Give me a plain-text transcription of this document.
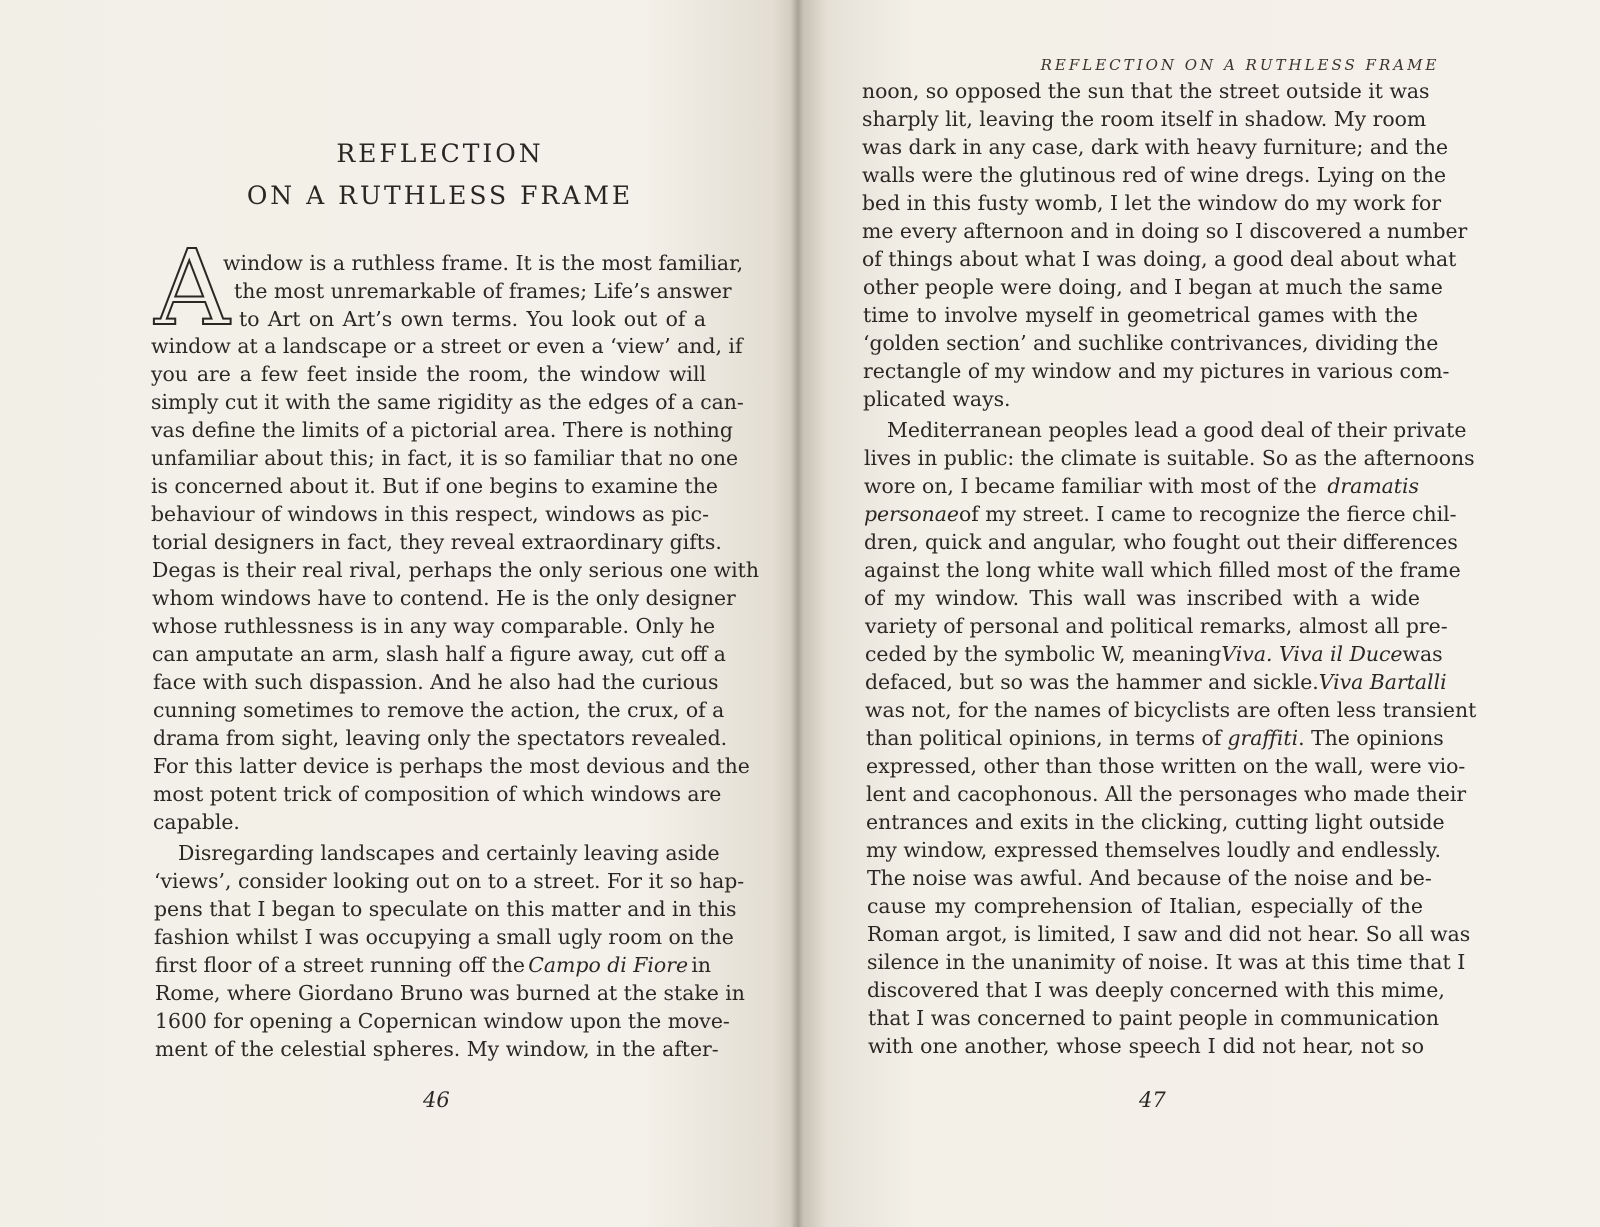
REFLECTION
ON A RUTHLESS FRAME
A
window is a ruthless frame. It is the most familiar,
the most unremarkable of frames; Life’s answer
to Art on Art’s own terms. You look out of a
window at a landscape or a street or even a ‘view’ and, if
you are a few feet inside the room, the window will
simply cut it with the same rigidity as the edges of a can-
vas define the limits of a pictorial area. There is nothing
unfamiliar about this; in fact, it is so familiar that no one
is concerned about it. But if one begins to examine the
behaviour of windows in this respect, windows as pic-
torial designers in fact, they reveal extraordinary gifts.
Degas is their real rival, perhaps the only serious one with
whom windows have to contend. He is the only designer
whose ruthlessness is in any way comparable. Only he
can amputate an arm, slash half a figure away, cut off a
face with such dispassion. And he also had the curious
cunning sometimes to remove the action, the crux, of a
drama from sight, leaving only the spectators revealed.
For this latter device is perhaps the most devious and the
most potent trick of composition of which windows are
capable.
Disregarding landscapes and certainly leaving aside
‘views’, consider looking out on to a street. For it so hap-
pens that I began to speculate on this matter and in this
fashion whilst I was occupying a small ugly room on the
first floor of a street running off the Campo di Fiore in
Rome, where Giordano Bruno was burned at the stake in
1600 for opening a Copernican window upon the move-
ment of the celestial spheres. My window, in the after-
46
REFLECTION ON A RUTHLESS FRAME
noon, so opposed the sun that the street outside it was
sharply lit, leaving the room itself in shadow. My room
was dark in any case, dark with heavy furniture; and the
walls were the glutinous red of wine dregs. Lying on the
bed in this fusty womb, I let the window do my work for
me every afternoon and in doing so I discovered a number
of things about what I was doing, a good deal about what
other people were doing, and I began at much the same
time to involve myself in geometrical games with the
‘golden section’ and suchlike contrivances, dividing the
rectangle of my window and my pictures in various com-
plicated ways.
Mediterranean peoples lead a good deal of their private
lives in public: the climate is suitable. So as the afternoons
wore on, I became familiar with most of the dramatis
personae of my street. I came to recognize the fierce chil-
dren, quick and angular, who fought out their differences
against the long white wall which filled most of the frame
of my window. This wall was inscribed with a wide
variety of personal and political remarks, almost all pre-
ceded by the symbolic W, meaning Viva. Viva il Duce was
defaced, but so was the hammer and sickle. Viva Bartalli
was not, for the names of bicyclists are often less transient
than political opinions, in terms of graffiti . The opinions
expressed, other than those written on the wall, were vio-
lent and cacophonous. All the personages who made their
entrances and exits in the clicking, cutting light outside
my window, expressed themselves loudly and endlessly.
The noise was awful. And because of the noise and be-
cause my comprehension of Italian, especially of the
Roman argot, is limited, I saw and did not hear. So all was
silence in the unanimity of noise. It was at this time that I
discovered that I was deeply concerned with this mime,
that I was concerned to paint people in communication
with one another, whose speech I did not hear, not so
47
